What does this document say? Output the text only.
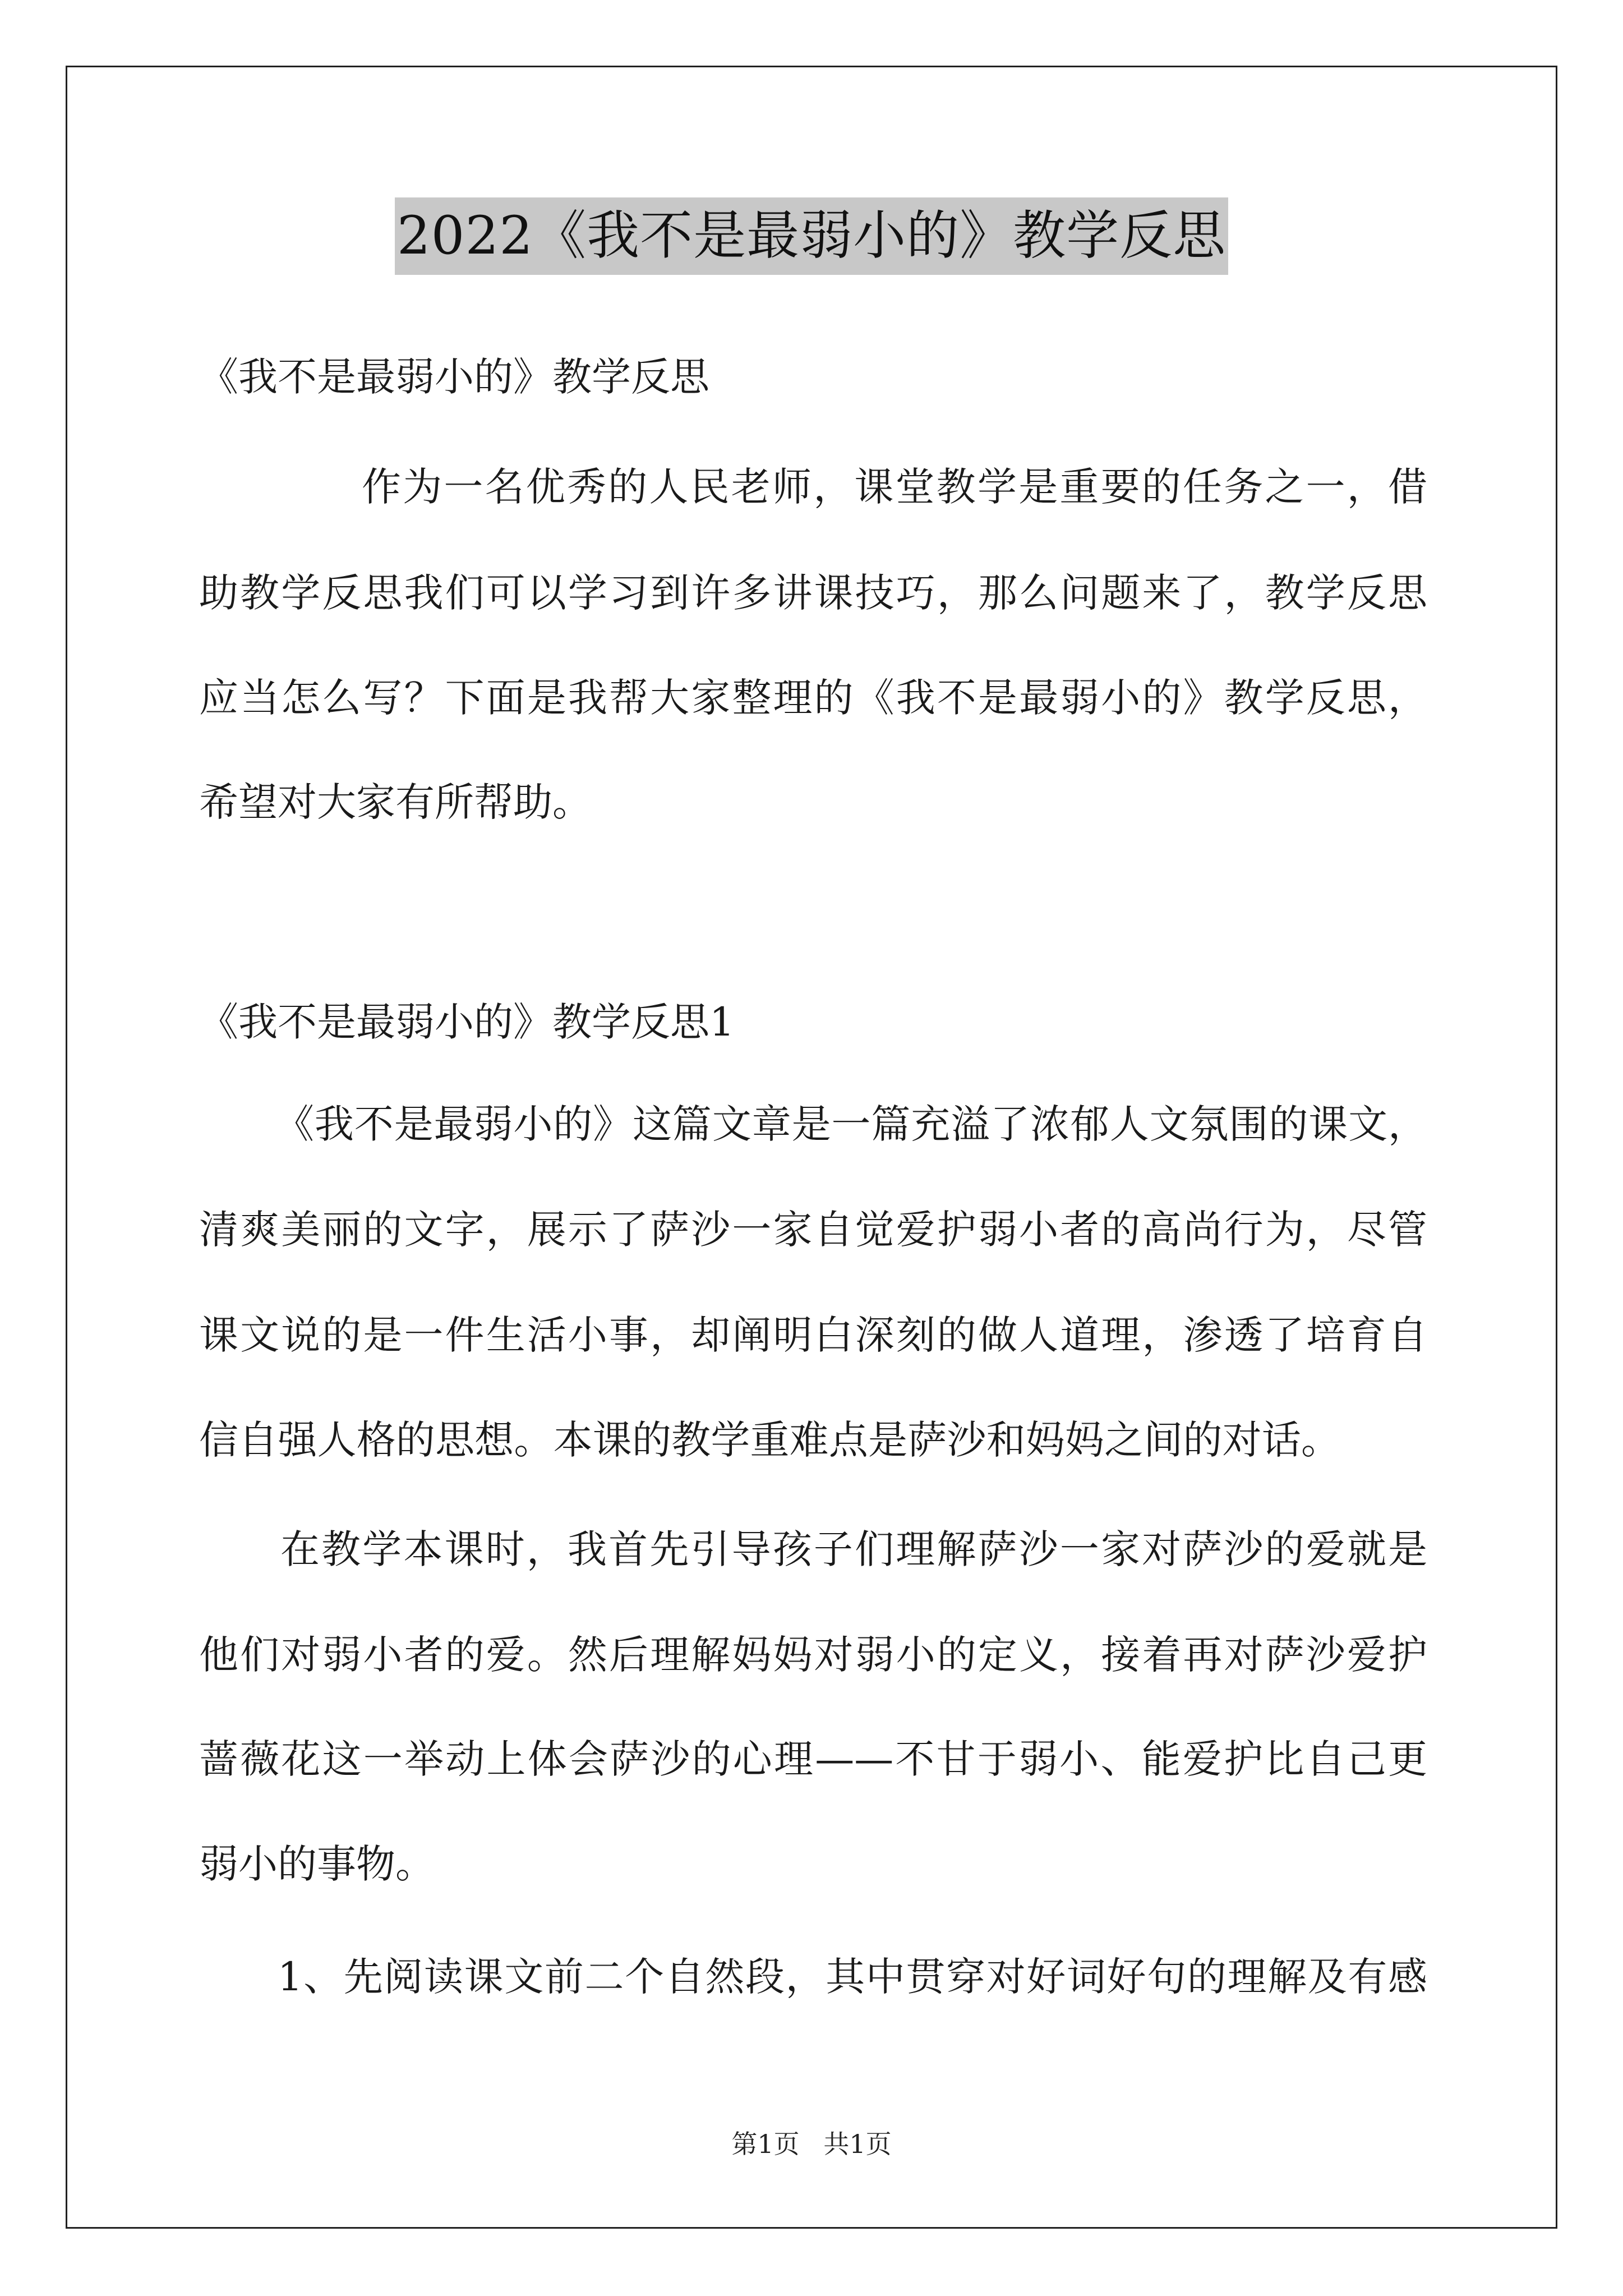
2022《我不是最弱小的》教学反思
《我不是最弱小的》教学反思
作为一名优秀的人民老师，课堂教学是重要的任务之一，借
助教学反思我们可以学习到许多讲课技巧，那么问题来了，教学反思
应当怎么写？下面是我帮大家整理的《我不是最弱小的》教学反思，
希望对大家有所帮助。
《我不是最弱小的》教学反思1
《我不是最弱小的》这篇文章是一篇充溢了浓郁人文氛围的课文，
清爽美丽的文字，展示了萨沙一家自觉爱护弱小者的高尚行为，尽管
课文说的是一件生活小事，却阐明白深刻的做人道理，渗透了培育自
信自强人格的思想。本课的教学重难点是萨沙和妈妈之间的对话。
在教学本课时，我首先引导孩子们理解萨沙一家对萨沙的爱就是
他们对弱小者的爱。然后理解妈妈对弱小的定义，接着再对萨沙爱护
蔷薇花这一举动上体会萨沙的心理——不甘于弱小、能爱护比自己更
弱小的事物。
1、先阅读课文前二个自然段，其中贯穿对好词好句的理解及有感
第1页 共1页
